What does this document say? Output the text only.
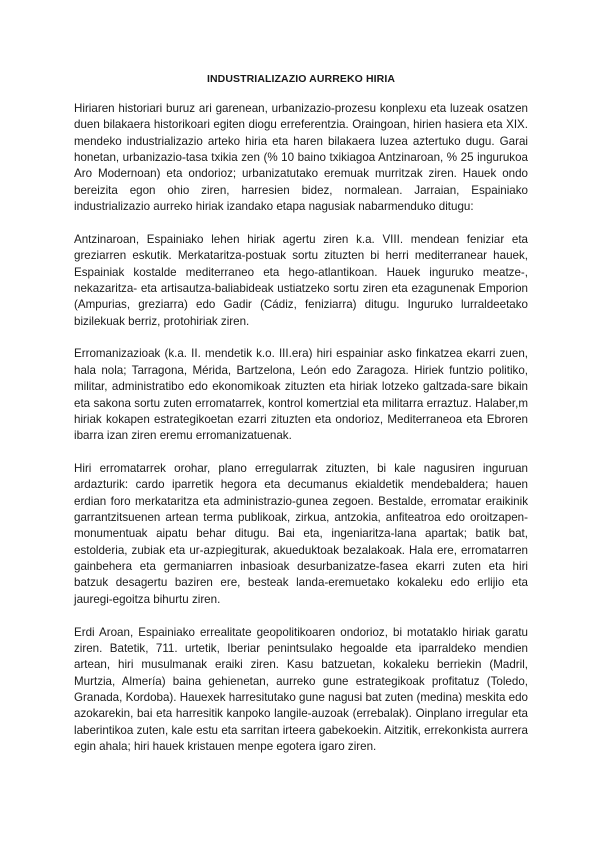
INDUSTRIALIZAZIO AURREKO HIRIA

Hiriaren historiari buruz ari garenean, urbanizazio-prozesu konplexu eta luzeak osatzen duen bilakaera historikoari egiten diogu erreferentzia. Oraingoan, hirien hasiera eta XIX. mendeko industrializazio arteko hiria eta haren bilakaera luzea aztertuko dugu. Garai honetan, urbanizazio-tasa txikia zen (% 10 baino txikiagoa Antzinaroan, % 25 ingurukoa Aro Modernoan) eta ondorioz; urbanizatutako eremuak murritzak ziren. Hauek ondo bereizita egon ohio ziren, harresien bidez, normalean. Jarraian, Espainiako industrializazio aurreko hiriak izandako etapa nagusiak nabarmenduko ditugu:

Antzinaroan, Espainiako lehen hiriak agertu ziren k.a. VIII. mendean feniziar eta greziarren eskutik. Merkataritza-postuak sortu zituzten bi herri mediterranear hauek, Espainiak kostalde mediterraneo eta hego-atlantikoan. Hauek inguruko meatze-, nekazaritza- eta artisautza-baliabideak ustiatzeko sortu ziren eta ezagunenak Emporion (Ampurias, greziarra) edo Gadir (Cádiz, feniziarra) ditugu. Inguruko lurraldeetako bizilekuak berriz, protohiriak ziren.

Erromanizazioak (k.a. II. mendetik k.o. III.era) hiri espainiar asko finkatzea ekarri zuen, hala nola; Tarragona, Mérida, Bartzelona, León edo Zaragoza. Hiriek funtzio politiko, militar, administratibo edo ekonomikoak zituzten eta hiriak lotzeko galtzada-sare bikain eta sakona sortu zuten erromatarrek, kontrol komertzial eta militarra erraztuz. Halaber,m hiriak kokapen estrategikoetan ezarri zituzten eta ondorioz, Mediterraneoa eta Ebroren ibarra izan ziren eremu erromanizatuenak.

Hiri erromatarrek orohar, plano erregularrak zituzten, bi kale nagusiren inguruan ardazturik: cardo iparretik hegora eta decumanus ekialdetik mendebaldera; hauen erdian foro merkataritza eta administrazio-gunea zegoen. Bestalde, erromatar eraikinik garrantzitsuenen artean terma publikoak, zirkua, antzokia, anfiteatroa edo oroitzapen-monumentuak aipatu behar ditugu. Bai eta, ingeniaritza-lana apartak; batik bat, estolderia, zubiak eta ur-azpiegiturak, akueduktoak bezalakoak. Hala ere, erromatarren gainbehera eta germaniarren inbasioak desurbanizatze-fasea ekarri zuten eta hiri batzuk desagertu baziren ere, besteak landa-eremuetako kokaleku edo erlijio eta jauregi-egoitza bihurtu ziren.

Erdi Aroan, Espainiako errealitate geopolitikoaren ondorioz, bi motataklo hiriak garatu ziren. Batetik, 711. urtetik, Iberiar penintsulako hegoalde eta iparraldeko mendien artean, hiri musulmanak eraiki ziren. Kasu batzuetan, kokaleku berriekin (Madril, Murtzia, Almería) baina gehienetan, aurreko gune estrategikoak profitatuz (Toledo, Granada, Kordoba). Hauexek harresitutako gune nagusi bat zuten (medina) meskita edo azokarekin, bai eta harresitik kanpoko langile-auzoak (errebalak). Oinplano irregular eta laberintikoa zuten, kale estu eta sarritan irteera gabekoekin. Aitzitik, errekonkista aurrera egin ahala; hiri hauek kristauen menpe egotera igaro ziren.
